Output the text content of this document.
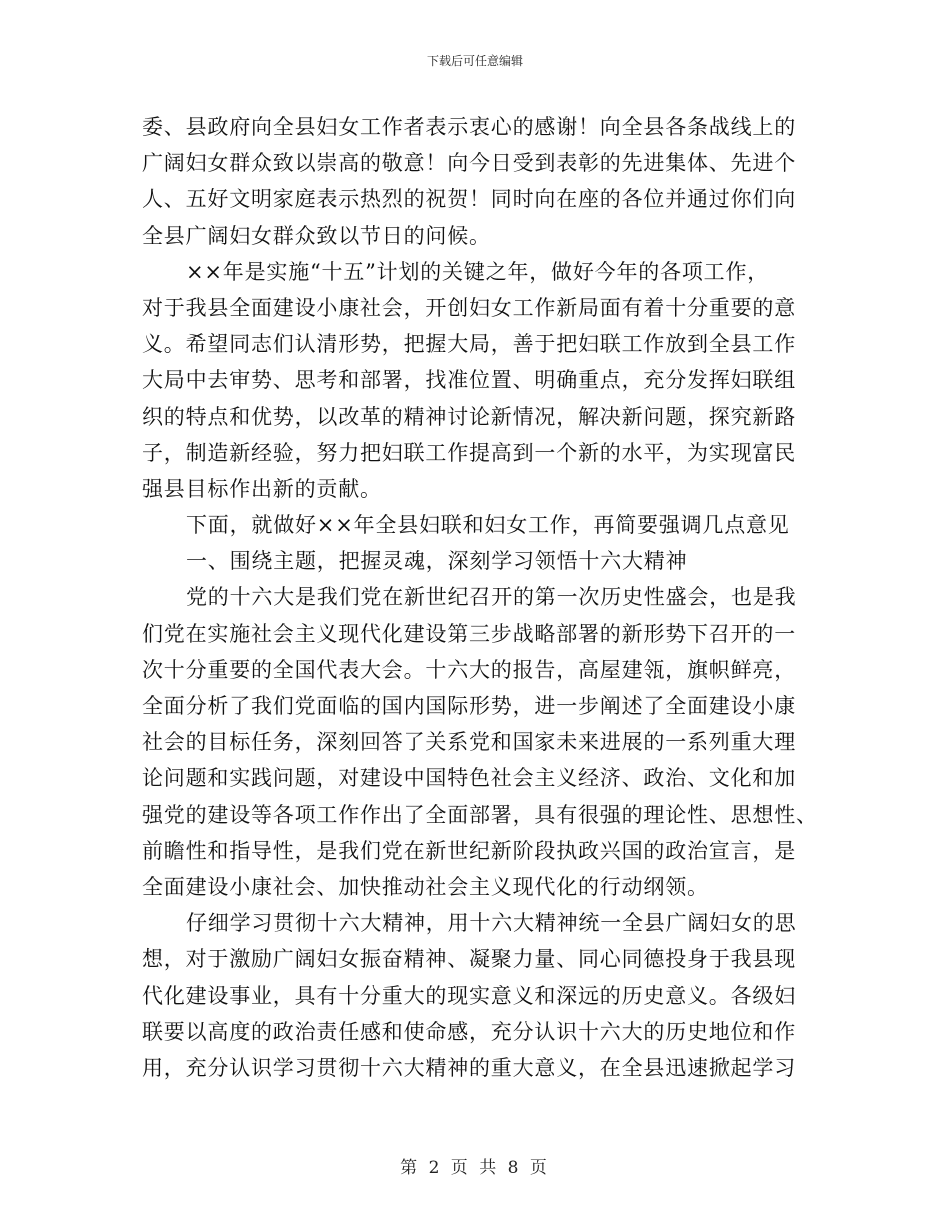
下载后可任意编辑
委、县政府向全县妇女工作者表示衷心的感谢！向全县各条战线上的
广阔妇女群众致以崇高的敬意！向今日受到表彰的先进集体、先进个
人、五好文明家庭表示热烈的祝贺！同时向在座的各位并通过你们向
全县广阔妇女群众致以节日的问候。
××年是实施“十五”计划的关键之年，做好今年的各项工作，
对于我县全面建设小康社会，开创妇女工作新局面有着十分重要的意
义。希望同志们认清形势，把握大局，善于把妇联工作放到全县工作
大局中去审势、思考和部署，找准位置、明确重点，充分发挥妇联组
织的特点和优势，以改革的精神讨论新情况，解决新问题，探究新路
子，制造新经验，努力把妇联工作提高到一个新的水平，为实现富民
强县目标作出新的贡献。
下面，就做好××年全县妇联和妇女工作，再简要强调几点意见
一、围绕主题，把握灵魂，深刻学习领悟十六大精神
党的十六大是我们党在新世纪召开的第一次历史性盛会，也是我
们党在实施社会主义现代化建设第三步战略部署的新形势下召开的一
次十分重要的全国代表大会。十六大的报告，高屋建瓴，旗帜鲜亮，
全面分析了我们党面临的国内国际形势，进一步阐述了全面建设小康
社会的目标任务，深刻回答了关系党和国家未来进展的一系列重大理
论问题和实践问题，对建设中国特色社会主义经济、政治、文化和加
强党的建设等各项工作作出了全面部署，具有很强的理论性、思想性、
前瞻性和指导性，是我们党在新世纪新阶段执政兴国的政治宣言，是
全面建设小康社会、加快推动社会主义现代化的行动纲领。
仔细学习贯彻十六大精神，用十六大精神统一全县广阔妇女的思
想，对于激励广阔妇女振奋精神、凝聚力量、同心同德投身于我县现
代化建设事业，具有十分重大的现实意义和深远的历史意义。各级妇
联要以高度的政治责任感和使命感，充分认识十六大的历史地位和作
用，充分认识学习贯彻十六大精神的重大意义，在全县迅速掀起学习
第 2 页 共 8 页
